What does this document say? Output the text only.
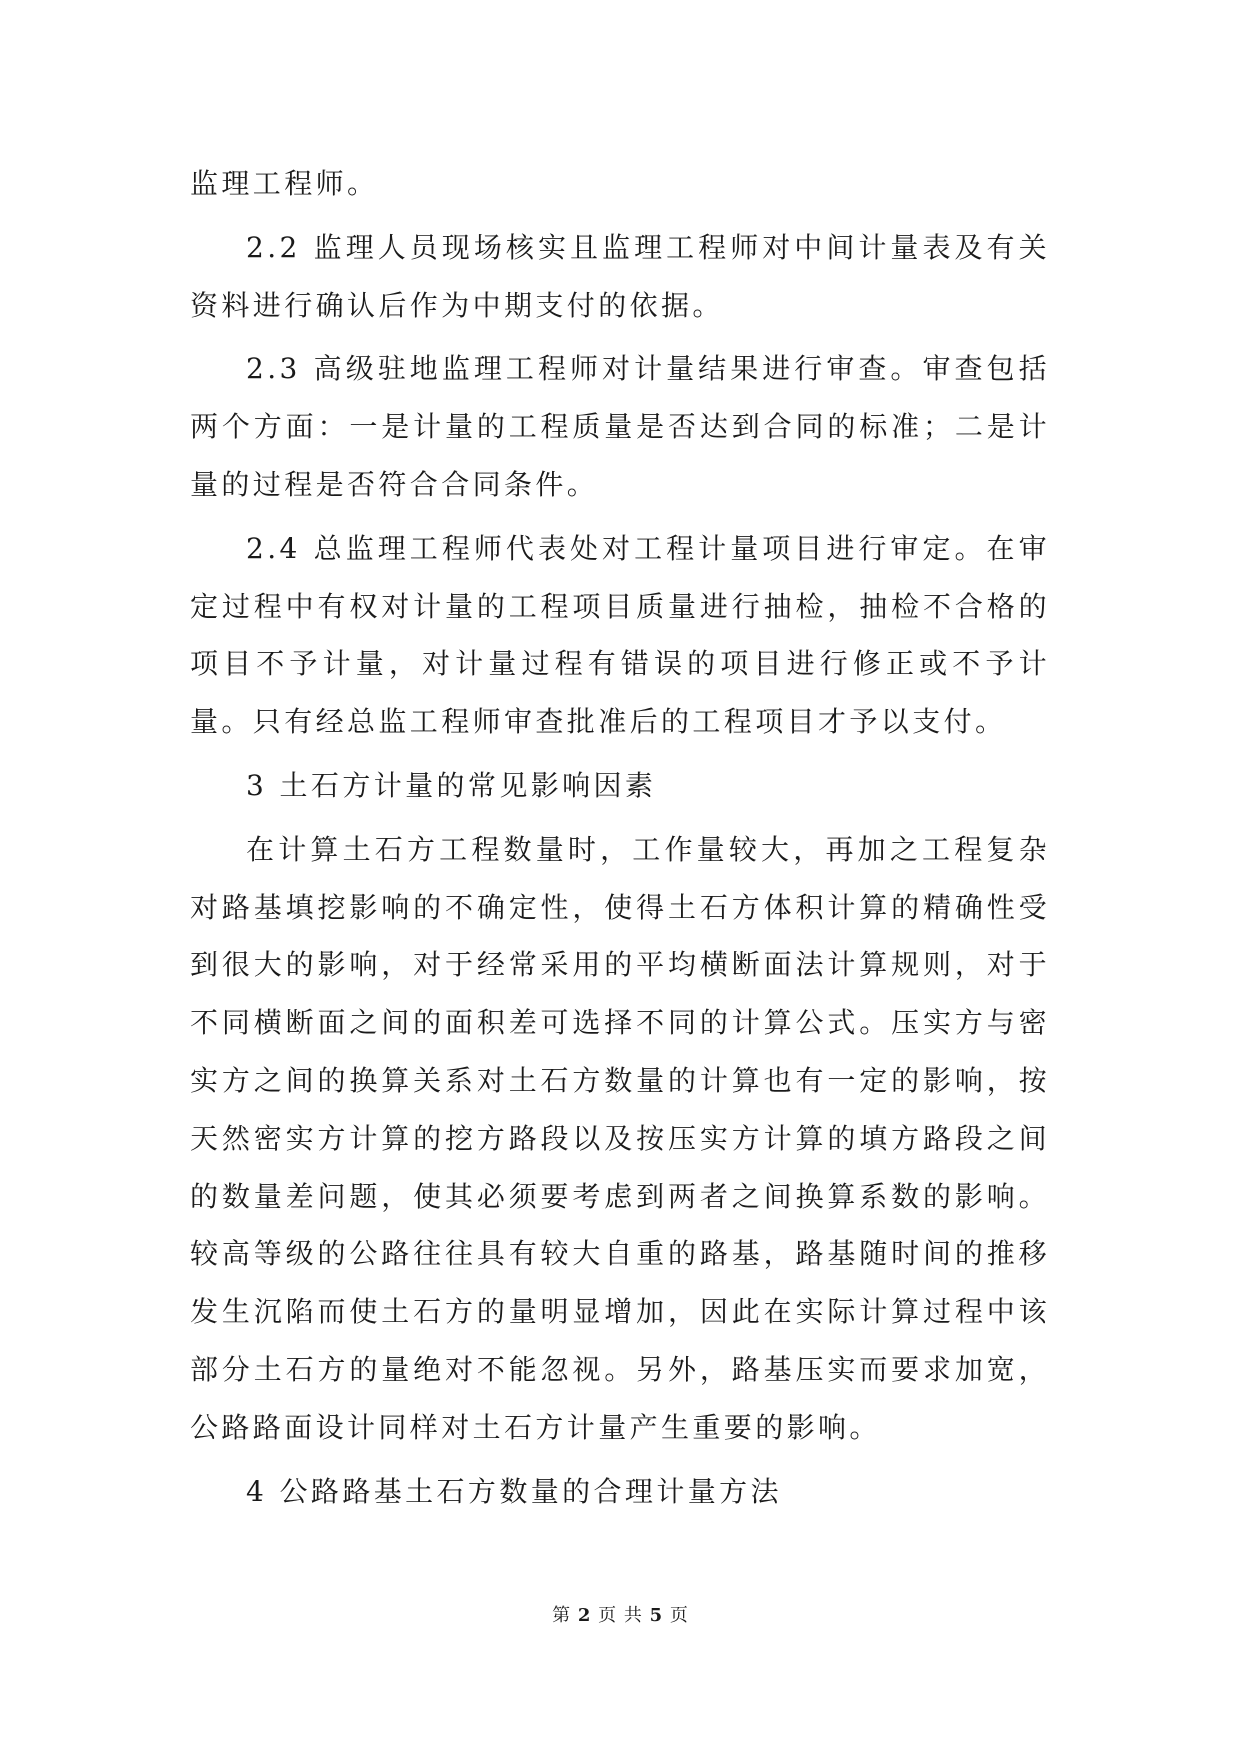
监理工程师。

2.2 监理人员现场核实且监理工程师对中间计量表及有关资料进行确认后作为中期支付的依据。

2.3 高级驻地监理工程师对计量结果进行审查。审查包括两个方面：一是计量的工程质量是否达到合同的标准；二是计量的过程是否符合合同条件。

2.4 总监理工程师代表处对工程计量项目进行审定。在审定过程中有权对计量的工程项目质量进行抽检，抽检不合格的项目不予计量，对计量过程有错误的项目进行修正或不予计量。只有经总监工程师审查批准后的工程项目才予以支付。

3 土石方计量的常见影响因素

在计算土石方工程数量时，工作量较大，再加之工程复杂对路基填挖影响的不确定性，使得土石方体积计算的精确性受到很大的影响，对于经常采用的平均横断面法计算规则，对于不同横断面之间的面积差可选择不同的计算公式。压实方与密实方之间的换算关系对土石方数量的计算也有一定的影响，按天然密实方计算的挖方路段以及按压实方计算的填方路段之间的数量差问题，使其必须要考虑到两者之间换算系数的影响。较高等级的公路往往具有较大自重的路基，路基随时间的推移发生沉陷而使土石方的量明显增加，因此在实际计算过程中该部分土石方的量绝对不能忽视。另外，路基压实而要求加宽，公路路面设计同样对土石方计量产生重要的影响。

4 公路路基土石方数量的合理计量方法

第 2 页 共 5 页
